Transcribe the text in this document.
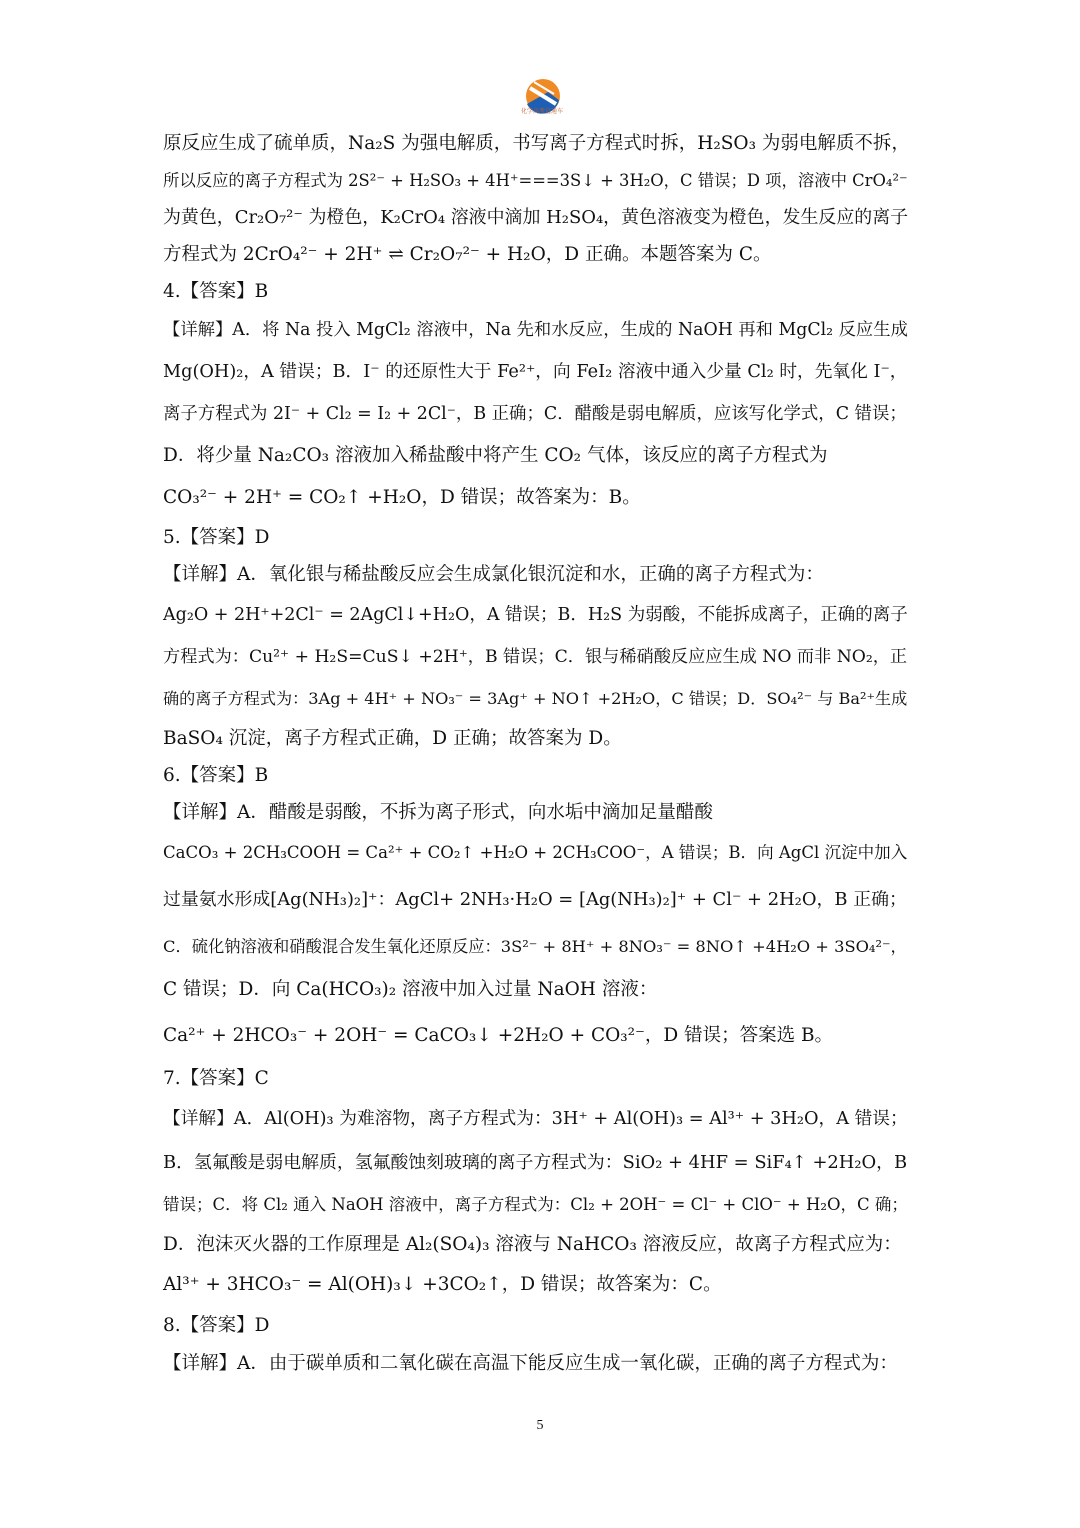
化学高考直通车
原反应生成了硫单质，Na₂S 为强电解质，书写离子方程式时拆，H₂SO₃ 为弱电解质不拆，
所以反应的离子方程式为 2S²⁻ + H₂SO₃ + 4H⁺===3S↓ + 3H₂O，C 错误；D 项，溶液中 CrO₄²⁻
为黄色，Cr₂O₇²⁻ 为橙色，K₂CrO₄ 溶液中滴加 H₂SO₄，黄色溶液变为橙色，发生反应的离子
方程式为 2CrO₄²⁻ + 2H⁺ ⇌ Cr₂O₇²⁻ + H₂O，D 正确。本题答案为 C。
4.【答案】B
【详解】A．将 Na 投入 MgCl₂ 溶液中，Na 先和水反应，生成的 NaOH 再和 MgCl₂ 反应生成
Mg(OH)₂，A 错误；B．I⁻ 的还原性大于 Fe²⁺，向 FeI₂ 溶液中通入少量 Cl₂ 时，先氧化 I⁻，
离子方程式为 2I⁻ + Cl₂ = I₂ + 2Cl⁻，B 正确；C．醋酸是弱电解质，应该写化学式，C 错误；
D．将少量 Na₂CO₃ 溶液加入稀盐酸中将产生 CO₂ 气体，该反应的离子方程式为
CO₃²⁻ + 2H⁺ = CO₂↑ +H₂O，D 错误；故答案为：B。
5.【答案】D
【详解】A．氧化银与稀盐酸反应会生成氯化银沉淀和水，正确的离子方程式为：
Ag₂O + 2H⁺+2Cl⁻ = 2AgCl↓+H₂O，A 错误；B．H₂S 为弱酸，不能拆成离子，正确的离子
方程式为：Cu²⁺ + H₂S=CuS↓ +2H⁺，B 错误；C．银与稀硝酸反应应生成 NO 而非 NO₂，正
确的离子方程式为：3Ag + 4H⁺ + NO₃⁻ = 3Ag⁺ + NO↑ +2H₂O，C 错误；D．SO₄²⁻ 与 Ba²⁺生成
BaSO₄ 沉淀，离子方程式正确，D 正确；故答案为 D。
6.【答案】B
【详解】A．醋酸是弱酸，不拆为离子形式，向水垢中滴加足量醋酸
CaCO₃ + 2CH₃COOH = Ca²⁺ + CO₂↑ +H₂O + 2CH₃COO⁻，A 错误；B．向 AgCl 沉淀中加入
过量氨水形成[Ag(NH₃)₂]⁺：AgCl+ 2NH₃·H₂O = [Ag(NH₃)₂]⁺ + Cl⁻ + 2H₂O，B 正确；
C．硫化钠溶液和硝酸混合发生氧化还原反应：3S²⁻ + 8H⁺ + 8NO₃⁻ = 8NO↑ +4H₂O + 3SO₄²⁻，
C 错误；D．向 Ca(HCO₃)₂ 溶液中加入过量 NaOH 溶液：
Ca²⁺ + 2HCO₃⁻ + 2OH⁻ = CaCO₃↓ +2H₂O + CO₃²⁻，D 错误；答案选 B。
7.【答案】C
【详解】A．Al(OH)₃ 为难溶物，离子方程式为：3H⁺ + Al(OH)₃ = Al³⁺ + 3H₂O，A 错误；
B．氢氟酸是弱电解质，氢氟酸蚀刻玻璃的离子方程式为：SiO₂ + 4HF = SiF₄↑ +2H₂O，B
错误；C．将 Cl₂ 通入 NaOH 溶液中，离子方程式为：Cl₂ + 2OH⁻ = Cl⁻ + ClO⁻ + H₂O，C 确；
D．泡沫灭火器的工作原理是 Al₂(SO₄)₃ 溶液与 NaHCO₃ 溶液反应，故离子方程式应为：
Al³⁺ + 3HCO₃⁻ = Al(OH)₃↓ +3CO₂↑，D 错误；故答案为：C。
8.【答案】D
【详解】A．由于碳单质和二氧化碳在高温下能反应生成一氧化碳，正确的离子方程式为：
5
